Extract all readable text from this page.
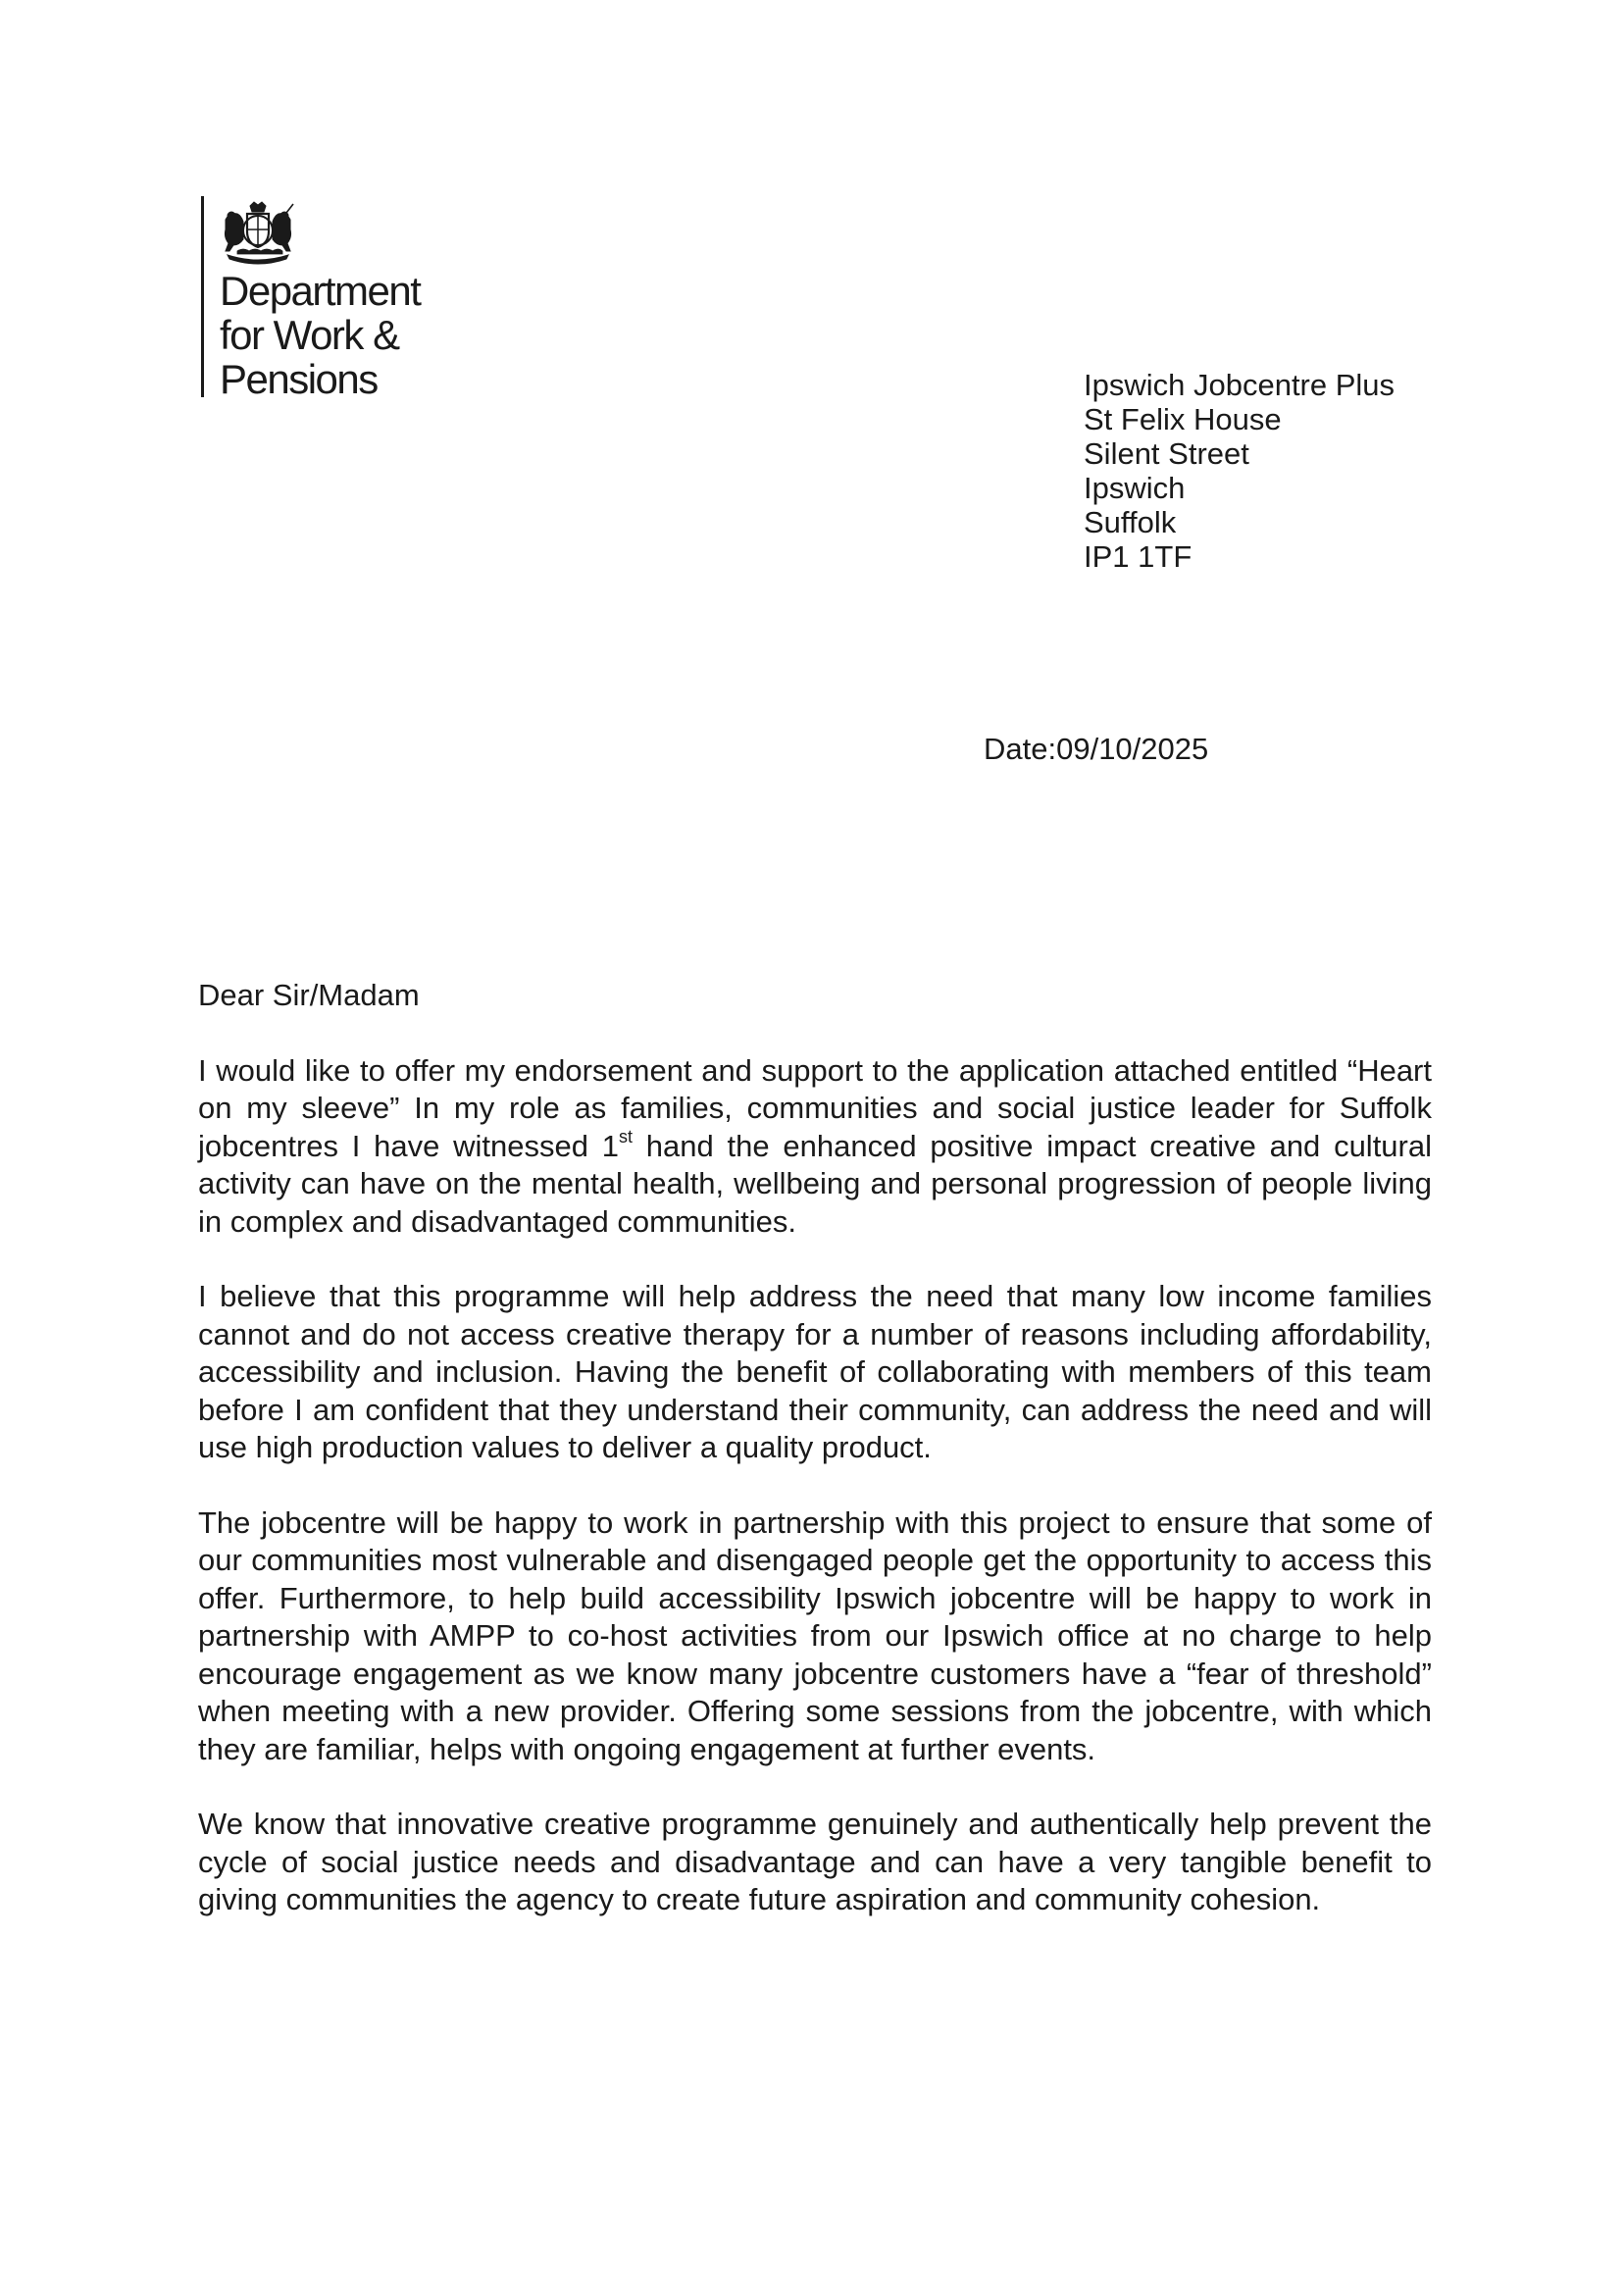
Department
for Work &
Pensions	Ipswich Jobcentre Plus
St Felix House
Silent Street
Ipswich
Suffolk
IP1 1TF
Date:09/10/2025

Dear Sir/Madam

I would like to offer my endorsement and support to the application attached entitled “Heart on my sleeve” In my role as families, communities and social justice leader for Suffolk jobcentres I have witnessed 1st hand the enhanced positive impact creative and cultural activity can have on the mental health, wellbeing and personal progression of people living in complex and disadvantaged communities.

I believe that this programme will help address the need that many low income families cannot and do not access creative therapy for a number of reasons including affordability, accessibility and inclusion. Having the benefit of collaborating with members of this team before I am confident that they understand their community, can address the need and will use high production values to deliver a quality product.

The jobcentre will be happy to work in partnership with this project to ensure that some of our communities most vulnerable and disengaged people get the opportunity to access this offer. Furthermore, to help build accessibility Ipswich jobcentre will be happy to work in partnership with AMPP to co-host activities from our Ipswich office at no charge to help encourage engagement as we know many jobcentre customers have a “fear of threshold” when meeting with a new provider. Offering some sessions from the jobcentre, with which they are familiar, helps with ongoing engagement at further events.

We know that innovative creative programme genuinely and authentically help prevent the cycle of social justice needs and disadvantage and can have a very tangible benefit to giving communities the agency to create future aspiration and community cohesion.
